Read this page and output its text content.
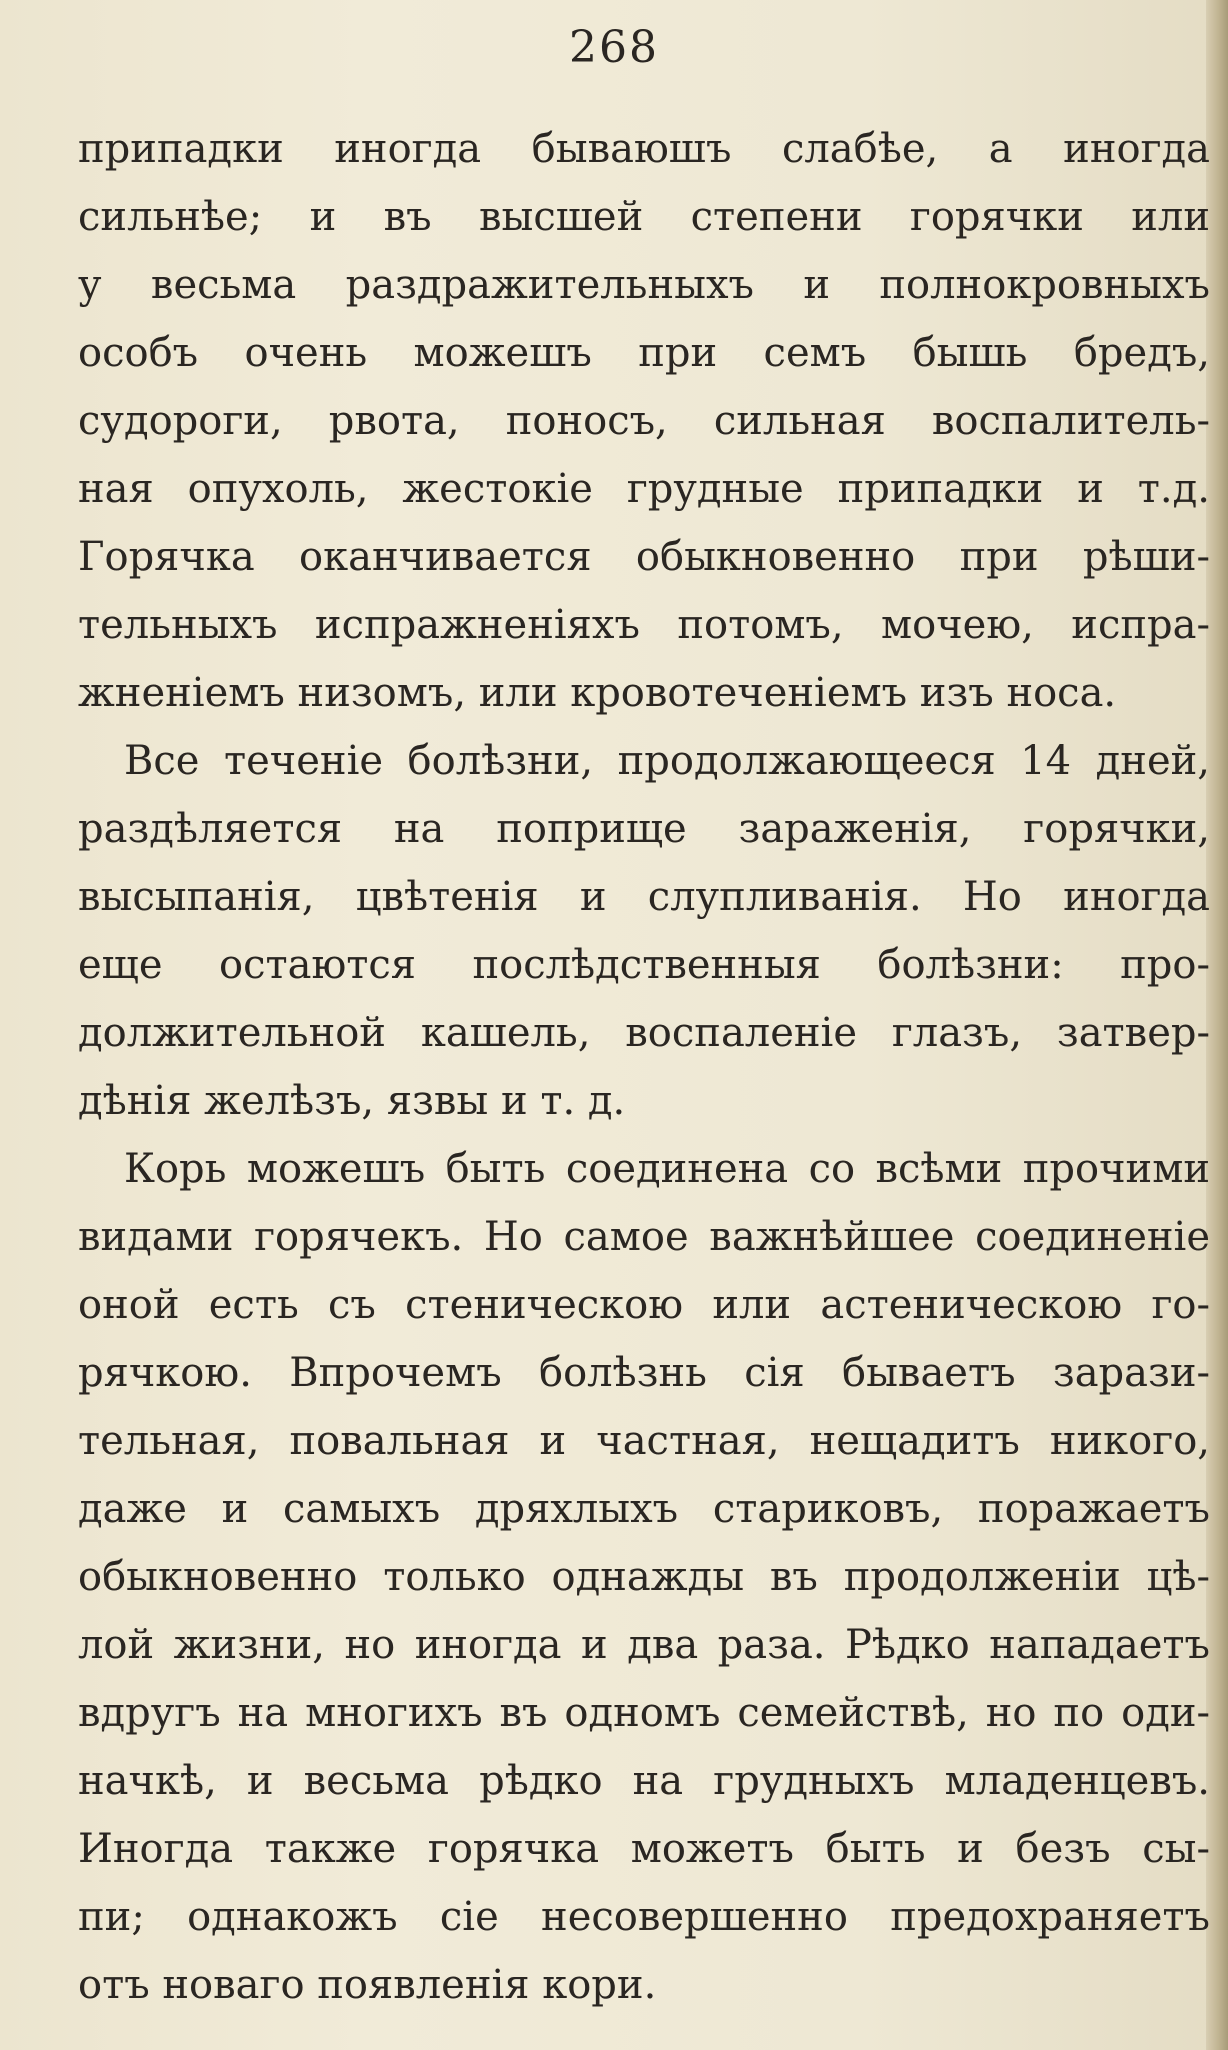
268
припадки иногда бываюшъ слабѣе, а иногда
сильнѣе; и въ высшей степени горячки или
у весьма раздражительныхъ и полнокровныхъ
особъ очень можешъ при семъ бышь бредъ,
судороги, рвота, поносъ, сильная воспалитель-
ная опухоль, жестокіе грудные припадки и т.д.
Горячка оканчивается обыкновенно при рѣши-
тельныхъ испражненіяхъ потомъ, мочею, испра-
жненіемъ низомъ, или кровотеченіемъ изъ носа.
Все теченіе болѣзни, продолжающееся 14 дней,
раздѣляется на поприще зараженія, горячки,
высыпанія, цвѣтенія и слупливанія. Но иногда
еще остаются послѣдственныя болѣзни: про-
должительной кашель, воспаленіе глазъ, затвер-
дѣнія желѣзъ, язвы и т. д.
Корь можешъ быть соединена со всѣми прочими
видами горячекъ. Но самое важнѣйшее соединеніе
оной есть съ стеническою или астеническою го-
рячкою. Впрочемъ болѣзнь сія бываетъ зарази-
тельная, повальная и частная, нещадитъ никого,
даже и самыхъ дряхлыхъ стариковъ, поражаетъ
обыкновенно только однажды въ продолженіи цѣ-
лой жизни, но иногда и два раза. Рѣдко нападаетъ
вдругъ на многихъ въ одномъ семействѣ, но по оди-
начкѣ, и весьма рѣдко на грудныхъ младенцевъ.
Иногда также горячка можетъ быть и безъ сы-
пи; однакожъ сіе несовершенно предохраняетъ
отъ новаго появленія кори.
